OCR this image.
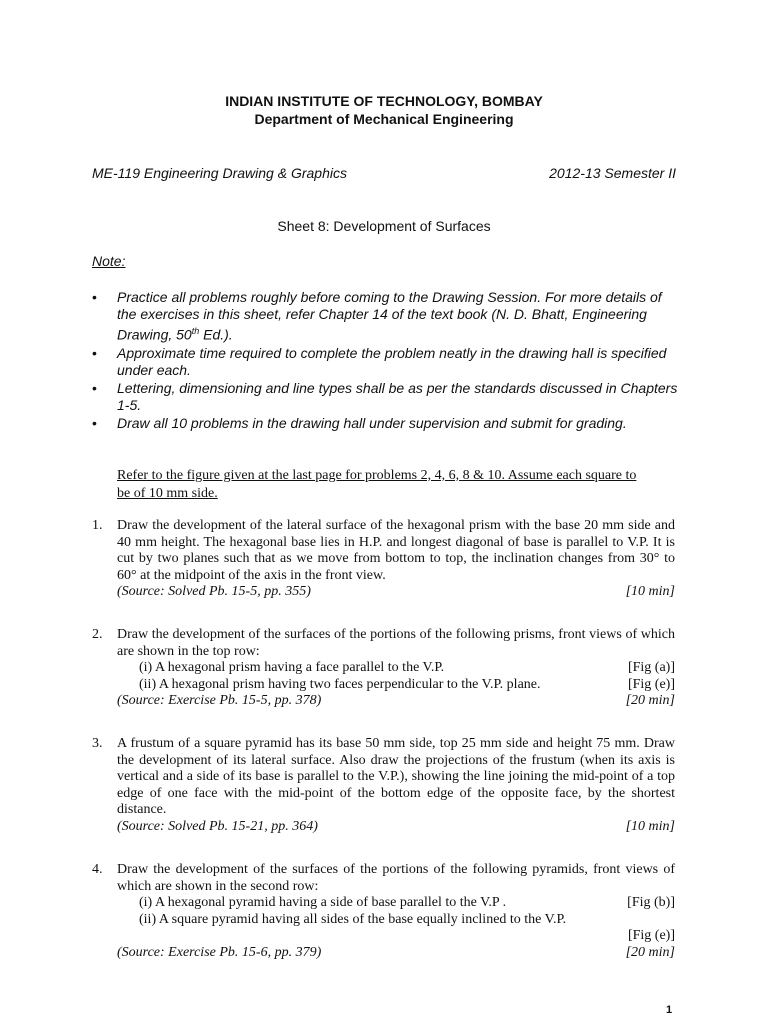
INDIAN INSTITUTE OF TECHNOLOGY, BOMBAY
Department of Mechanical Engineering
ME-119 Engineering Drawing & Graphics	2012-13 Semester II
Sheet 8: Development of Surfaces
Note:
• Practice all problems roughly before coming to the Drawing Session. For more details of the exercises in this sheet, refer Chapter 14 of the text book (N. D. Bhatt, Engineering Drawing, 50th Ed.).
• Approximate time required to complete the problem neatly in the drawing hall is specified under each.
• Lettering, dimensioning and line types shall be as per the standards discussed in Chapters 1-5.
• Draw all 10 problems in the drawing hall under supervision and submit for grading.
Refer to the figure given at the last page for problems 2, 4, 6, 8 & 10. Assume each square to be of 10 mm side.
1. Draw the development of the lateral surface of the hexagonal prism with the base 20 mm side and 40 mm height. The hexagonal base lies in H.P. and longest diagonal of base is parallel to V.P. It is cut by two planes such that as we move from bottom to top, the inclination changes from 30° to 60° at the midpoint of the axis in the front view.
(Source: Solved Pb. 15-5, pp. 355)	[10 min]
2. Draw the development of the surfaces of the portions of the following prisms, front views of which are shown in the top row:
(i) A hexagonal prism having a face parallel to the V.P.	[Fig (a)]
(ii) A hexagonal prism having two faces perpendicular to the V.P. plane.	[Fig (e)]
(Source: Exercise Pb. 15-5, pp. 378)	[20 min]
3. A frustum of a square pyramid has its base 50 mm side, top 25 mm side and height 75 mm. Draw the development of its lateral surface. Also draw the projections of the frustum (when its axis is vertical and a side of its base is parallel to the V.P.), showing the line joining the mid-point of a top edge of one face with the mid-point of the bottom edge of the opposite face, by the shortest distance.
(Source: Solved Pb. 15-21, pp. 364)	[10 min]
4. Draw the development of the surfaces of the portions of the following pyramids, front views of which are shown in the second row:
(i) A hexagonal pyramid having a side of base parallel to the V.P .	[Fig (b)]
(ii) A square pyramid having all sides of the base equally inclined to the V.P.
[Fig (e)]
(Source: Exercise Pb. 15-6, pp. 379)	[20 min]
1
